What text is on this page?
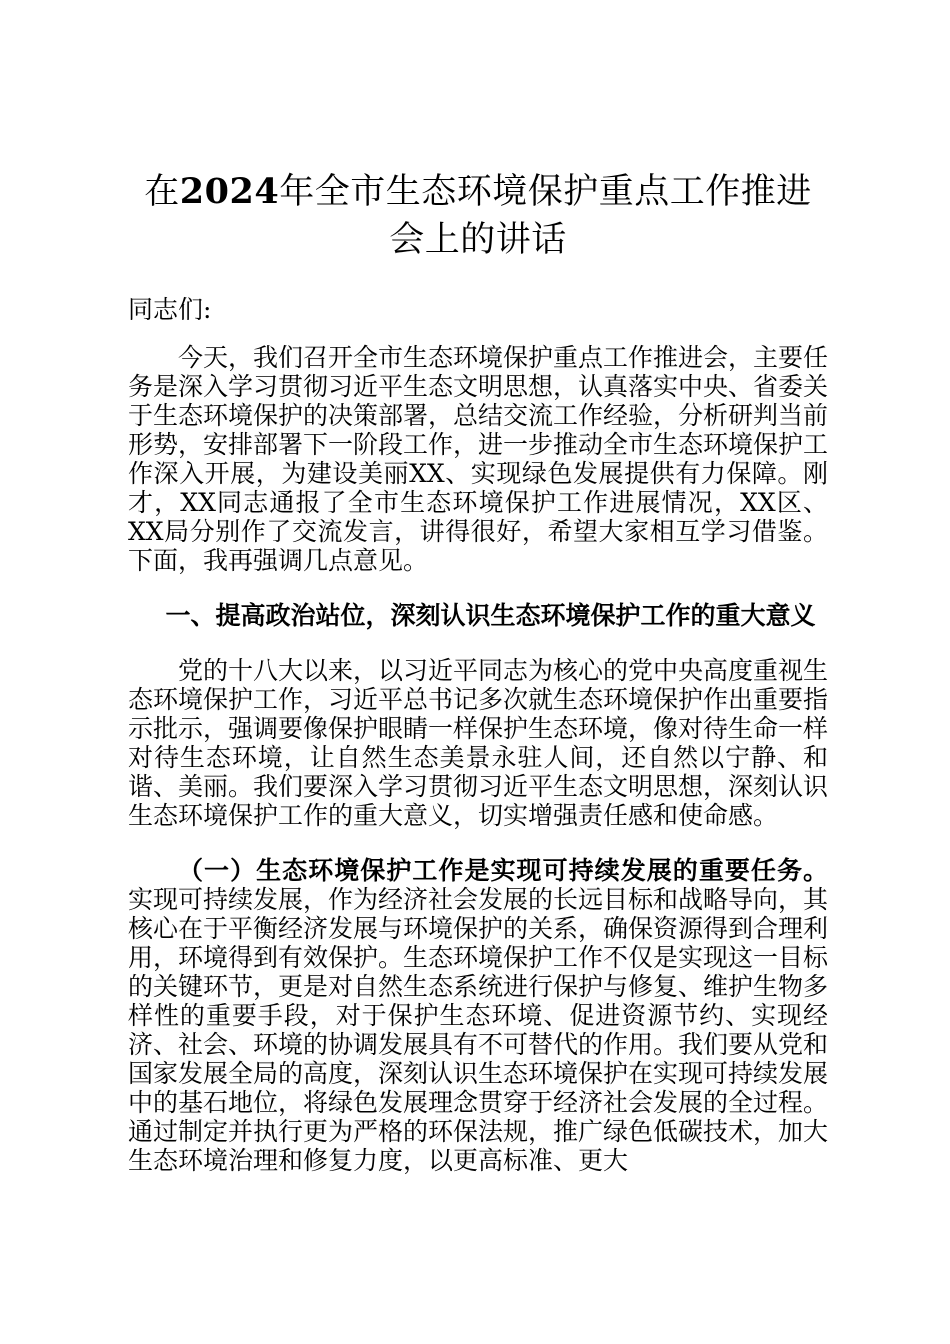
在2024年全市生态环境保护重点工作推进会上的讲话

同志们:

今天，我们召开全市生态环境保护重点工作推进会，主要任务是深入学习贯彻习近平生态文明思想，认真落实中央、省委关于生态环境保护的决策部署，总结交流工作经验，分析研判当前形势，安排部署下一阶段工作，进一步推动全市生态环境保护工作深入开展，为建设美丽XX、实现绿色发展提供有力保障。刚才，XX同志通报了全市生态环境保护工作进展情况，XX区、XX局分别作了交流发言，讲得很好，希望大家相互学习借鉴。下面，我再强调几点意见。

一、提高政治站位，深刻认识生态环境保护工作的重大意义

党的十八大以来，以习近平同志为核心的党中央高度重视生态环境保护工作，习近平总书记多次就生态环境保护作出重要指示批示，强调要像保护眼睛一样保护生态环境，像对待生命一样对待生态环境，让自然生态美景永驻人间，还自然以宁静、和谐、美丽。我们要深入学习贯彻习近平生态文明思想，深刻认识生态环境保护工作的重大意义，切实增强责任感和使命感。

（一）生态环境保护工作是实现可持续发展的重要任务。实现可持续发展，作为经济社会发展的长远目标和战略导向，其核心在于平衡经济发展与环境保护的关系，确保资源得到合理利用，环境得到有效保护。生态环境保护工作不仅是实现这一目标的关键环节，更是对自然生态系统进行保护与修复、维护生物多样性的重要手段，对于保护生态环境、促进资源节约、实现经济、社会、环境的协调发展具有不可替代的作用。我们要从党和国家发展全局的高度，深刻认识生态环境保护在实现可持续发展中的基石地位，将绿色发展理念贯穿于经济社会发展的全过程。通过制定并执行更为严格的环保法规，推广绿色低碳技术，加大生态环境治理和修复力度，以更高标准、更大
